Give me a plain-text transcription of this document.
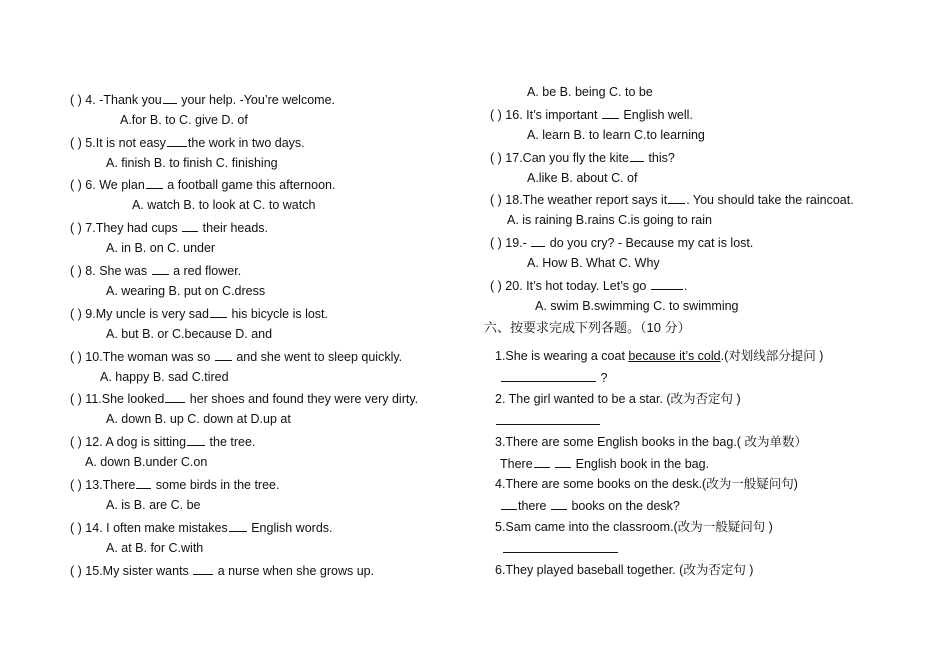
( ) 4. -Thank you your help. -You’re welcome.
A.for B. to C. give D. of
( ) 5.It is not easy the work in two days.
A. finish B. to finish C. finishing
( ) 6. We plan a football game this afternoon.
A. watch B. to look at C. to watch
( ) 7.They had cups  their heads.
A. in B. on C. under
( ) 8. She was  a red flower.
A. wearing B. put on C.dress
( ) 9.My uncle is very sad his bicycle is lost.
A. but B. or C.because D. and
( ) 10.The woman was so  and she went to sleep quickly.
A. happy B. sad C.tired
( ) 11.She looked her shoes and found they were very dirty.
A. down B. up C. down at D.up at
( ) 12. A dog is sitting the tree.
A. down B.under C.on
( ) 13.There some birds in the tree.
A. is B. are C. be
( ) 14. I often make mistakes English words.
A. at B. for C.with
( ) 15.My sister wants  a nurse when she grows up.
A. be B. being C. to be
( ) 16. It’s important  English well.
A. learn B. to learn C.to learning
( ) 17.Can you fly the kite this?
A.like B. about C. of
( ) 18.The weather report says it . You should take the raincoat.
A. is raining B.rains C.is going to rain
( ) 19.-  do you cry? - Because my cat is lost.
A. How B. What C. Why
( ) 20. It’s hot today. Let’s go	.
A. swim B.swimming C. to swimming
六、按要求完成下列各题。（10 分）
1.She is wearing a coat because it’s cold.(对划线部分提问 )
?
2. The girl wanted to be a star. (改为否定句 )
3.There are some English books in the bag.( 改为单数）
There	English book in the bag.
4.There are some books on the desk.(改为一般疑问句)
there  books on the desk?
5.Sam came into the classroom.(改为一般疑问句 )
6.They played baseball together. (改为否定句 )
